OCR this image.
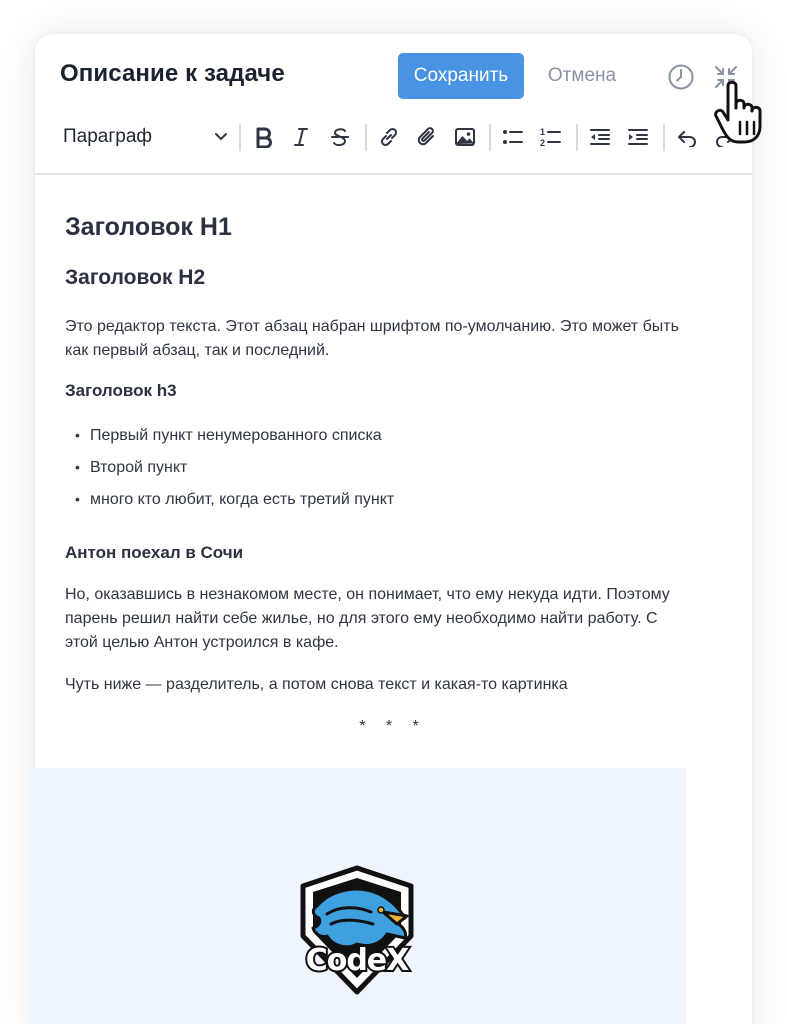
Описание к задаче	Сохранить	Отмена
Параграф	1
2
Заголовок H1
Заголовок H2
Это редактор текста. Этот абзац набран шрифтом по-умолчанию. Это может быть
как первый абзац, так и последний.
Заголовок h3
• Первый пункт ненумерованного списка
• Второй пункт
• много кто любит, когда есть третий пункт
Антон поехал в Сочи
Но, оказавшись в незнакомом месте, он понимает, что ему некуда идти. Поэтому
парень решил найти себе жилье, но для этого ему необходимо найти работу. С
этой целью Антон устроился в кафе.
Чуть ниже — разделитель, а потом снова текст и какая-то картинка
* * *
CodeX
